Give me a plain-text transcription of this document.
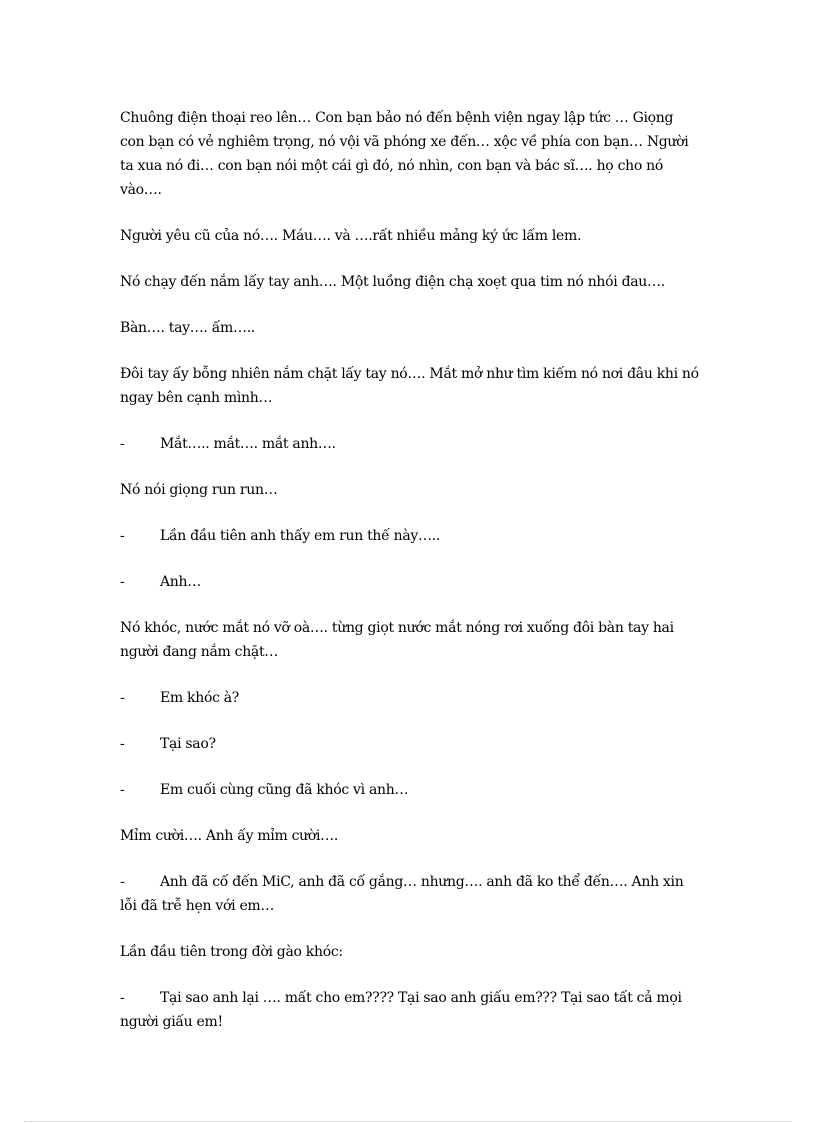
Chuông điện thoại reo lên… Con bạn bảo nó đến bệnh viện ngay lập tức … Giọng con bạn có vẻ nghiêm trọng, nó vội vã phóng xe đến… xộc về phía con bạn… Người ta xua nó đi… con bạn nói một cái gì đó, nó nhìn, con bạn và bác sĩ…. họ cho nó vào….

Người yêu cũ của nó…. Máu…. và ….rất nhiều mảng ký ức lấm lem.

Nó chạy đến nắm lấy tay anh…. Một luồng điện chạ xoẹt qua tim nó nhói đau….

Bàn…. tay…. ấm…..

Đôi tay ấy bỗng nhiên nắm chặt lấy tay nó…. Mắt mở như tìm kiếm nó nơi đâu khi nó ngay bên cạnh mình…

-	Mắt….. mắt…. mắt anh….

Nó nói giọng run run…

-	Lần đầu tiên anh thấy em run thế này…..
-	Anh…

Nó khóc, nước mắt nó vỡ oà…. từng giọt nước mắt nóng rơi xuống đôi bàn tay hai người đang nắm chặt…

-	Em khóc à?
-	Tại sao?
-	Em cuối cùng cũng đã khóc vì anh…

Mỉm cười…. Anh ấy mỉm cười….

-	Anh đã cố đến MiC, anh đã cố gắng… nhưng…. anh đã ko thể đến…. Anh xin lỗi đã trễ hẹn với em…

Lần đầu tiên trong đời gào khóc:

-	Tại sao anh lại …. mất cho em???? Tại sao anh giấu em??? Tại sao tất cả mọi người giấu em!
